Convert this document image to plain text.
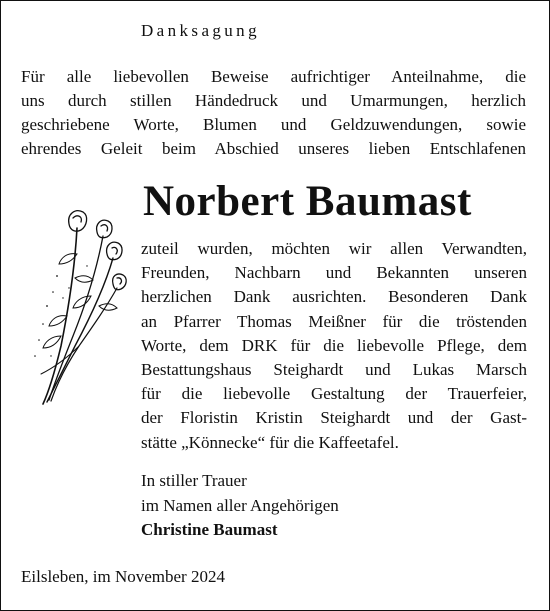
Danksagung
Für alle liebevollen Beweise aufrichtiger Anteilnahme, die
uns durch stillen Händedruck und Umarmungen, herzlich
geschriebene Worte, Blumen und Geldzuwendungen, sowie
ehrendes Geleit beim Abschied unseres lieben Entschlafenen
Norbert Baumast
zuteil wurden, möchten wir allen Verwandten,
Freunden, Nachbarn und Bekannten unseren
herzlichen Dank ausrichten. Besonderen Dank
an Pfarrer Thomas Meißner für die tröstenden
Worte, dem DRK für die liebevolle Pflege, dem
Bestattungshaus Steighardt und Lukas Marsch
für die liebevolle Gestaltung der Trauerfeier,
der Floristin Kristin Steighardt und der Gast-
stätte „Könnecke“ für die Kaffeetafel.
In stiller Trauer
im Namen aller Angehörigen
Christine Baumast
Eilsleben, im November 2024
